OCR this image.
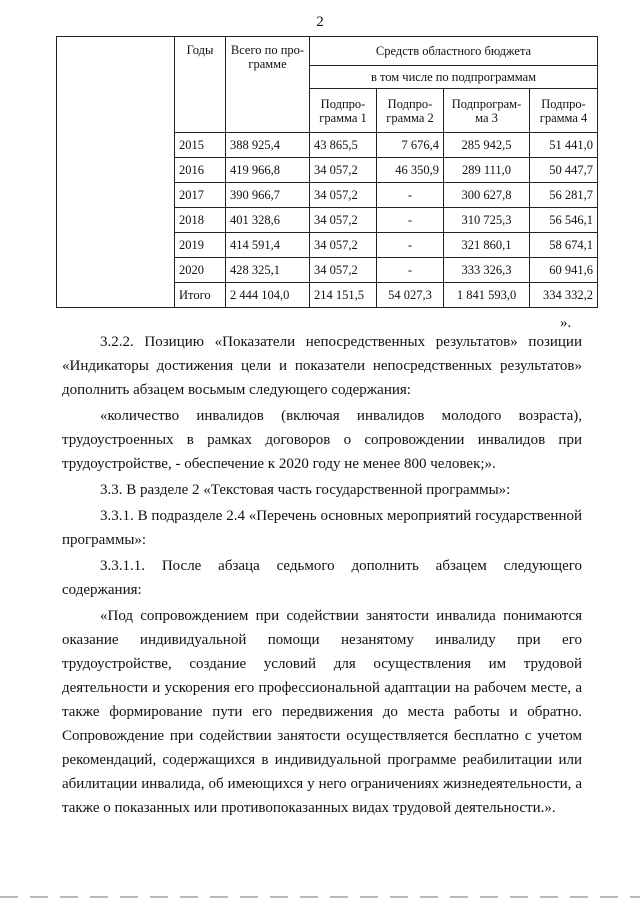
2
	Годы	Всего по про-грамме	Средств областного бюджета			
			в том числе по подпрограммам			
			Подпро-грамма 1	Подпро-грамма 2	Подпрограм-ма 3	Подпро-грамма 4
	2015	388 925,4	43 865,5	7 676,4	285 942,5	51 441,0
	2016	419 966,8	34 057,2	46 350,9	289 111,0	50 447,7
	2017	390 966,7	34 057,2	-	300 627,8	56 281,7
	2018	401 328,6	34 057,2	-	310 725,3	56 546,1
	2019	414 591,4	34 057,2	-	321 860,1	58 674,1
	2020	428 325,1	34 057,2	-	333 326,3	60 941,6
	Итого	2 444 104,0	214 151,5	54 027,3	1 841 593,0	334 332,2
».

3.2.2. Позицию «Показатели непосредственных результатов» позиции «Индикаторы достижения цели и показатели непосредственных результатов» дополнить абзацем восьмым следующего содержания:

«количество инвалидов (включая инвалидов молодого возраста), трудоустроенных в рамках договоров о сопровождении инвалидов при трудоустройстве, - обеспечение к 2020 году не менее 800 человек;».

3.3. В разделе 2 «Текстовая часть государственной программы»:

3.3.1. В подразделе 2.4 «Перечень основных мероприятий государственной программы»:

3.3.1.1. После абзаца седьмого дополнить абзацем следующего содержания:

«Под сопровождением при содействии занятости инвалида понимаются оказание индивидуальной помощи незанятому инвалиду при его трудоустройстве, создание условий для осуществления им трудовой деятельности и ускорения его профессиональной адаптации на рабочем месте, а также формирование пути его передвижения до места работы и обратно. Сопровождение при содействии занятости осуществляется бесплатно с учетом рекомендаций, содержащихся в индивидуальной программе реабилитации или абилитации инвалида, об имеющихся у него ограничениях жизнедеятельности, а также о показанных или противопоказанных видах трудовой деятельности.».
